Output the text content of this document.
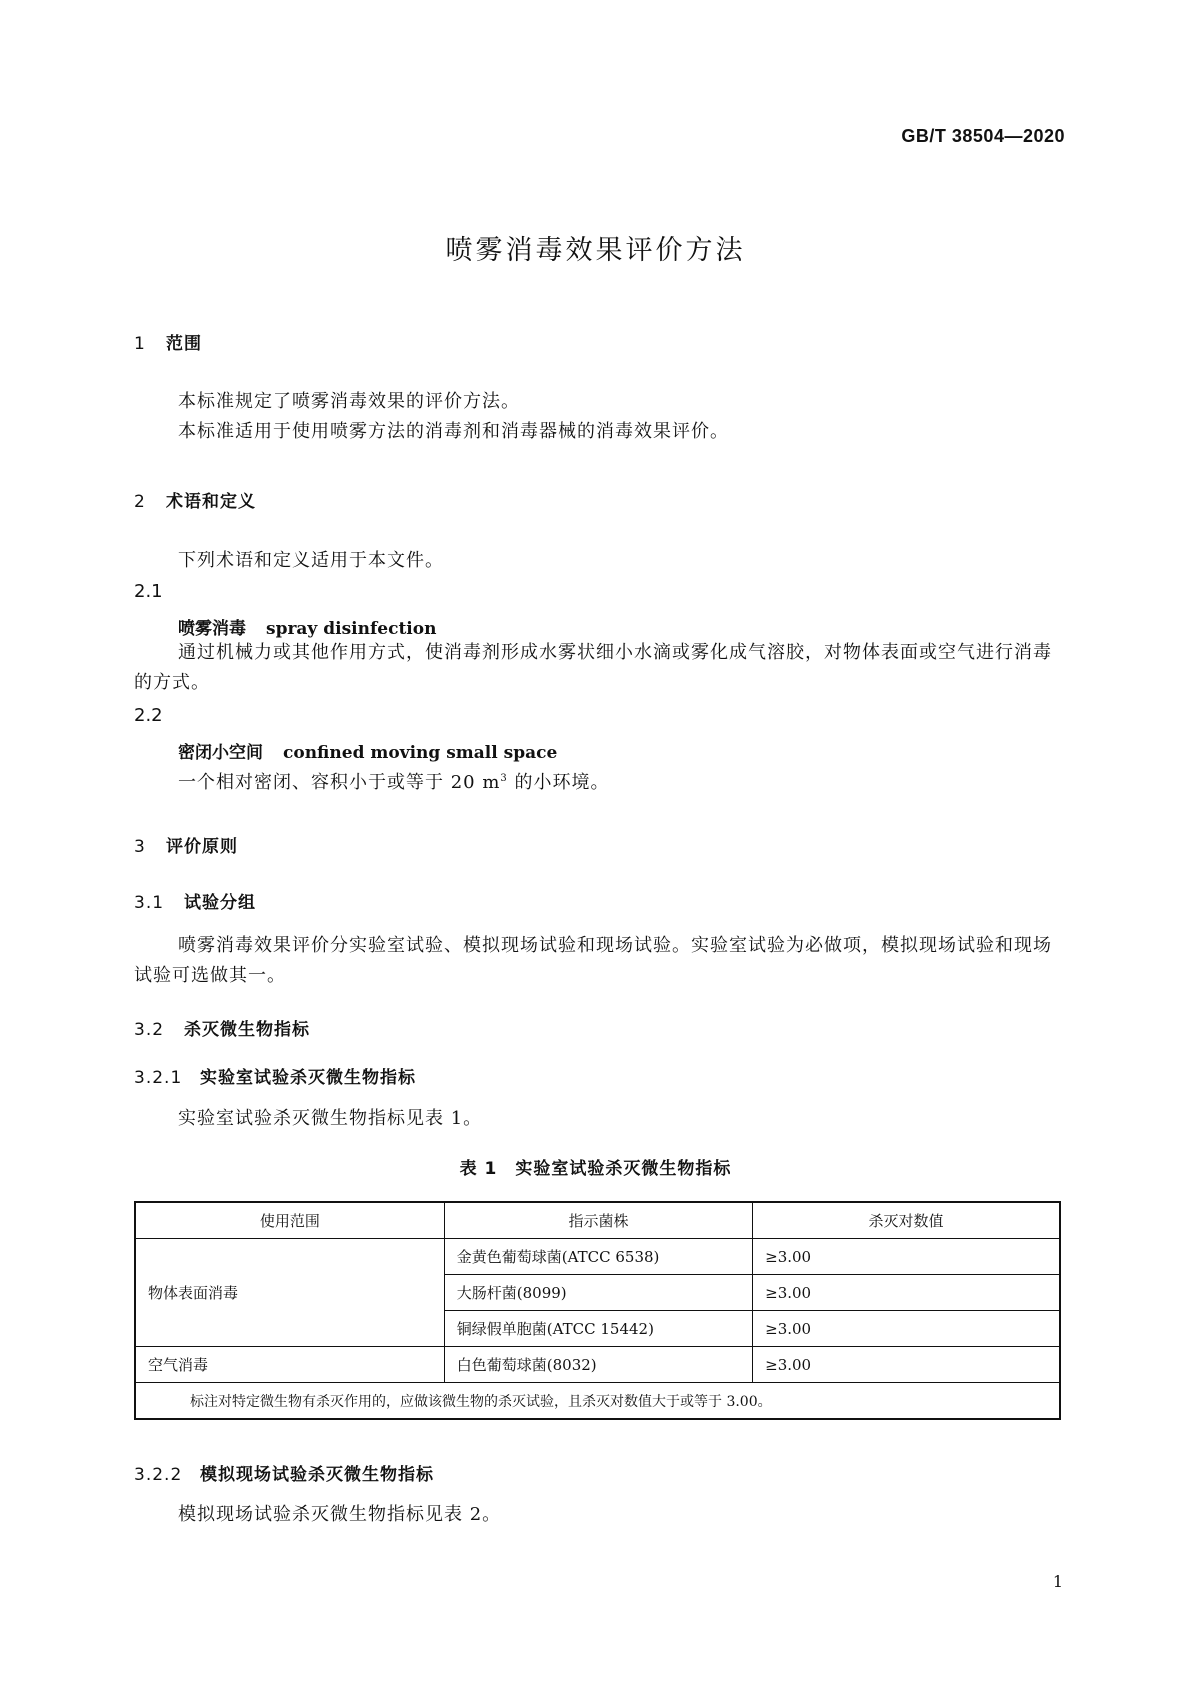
GB/T 38504—2020
喷雾消毒效果评价方法
1 范围
本标准规定了喷雾消毒效果的评价方法。
本标准适用于使用喷雾方法的消毒剂和消毒器械的消毒效果评价。
2 术语和定义
下列术语和定义适用于本文件。
2.1
喷雾消毒 spray disinfection
通过机械力或其他作用方式，使消毒剂形成水雾状细小水滴或雾化成气溶胶，对物体表面或空气进行消毒的方式。
2.2
密闭小空间 confined moving small space
一个相对密闭、容积小于或等于 20 $m^3$ 的小环境。
3 评价原则
3.1 试验分组
喷雾消毒效果评价分实验室试验、模拟现场试验和现场试验。实验室试验为必做项，模拟现场试验和现场试验可选做其一。
3.2 杀灭微生物指标
3.2.1 实验室试验杀灭微生物指标
实验室试验杀灭微生物指标见表 1。
表 1 实验室试验杀灭微生物指标
使用范围	指示菌株	杀灭对数值
物体表面消毒	金黄色葡萄球菌(ATCC 6538)	≥3.00
	大肠杆菌(8099)	≥3.00
	铜绿假单胞菌(ATCC 15442)	≥3.00
空气消毒	白色葡萄球菌(8032)	≥3.00
标注对特定微生物有杀灭作用的，应做该微生物的杀灭试验，且杀灭对数值大于或等于 3.00。		
3.2.2 模拟现场试验杀灭微生物指标
模拟现场试验杀灭微生物指标见表 2。
1
